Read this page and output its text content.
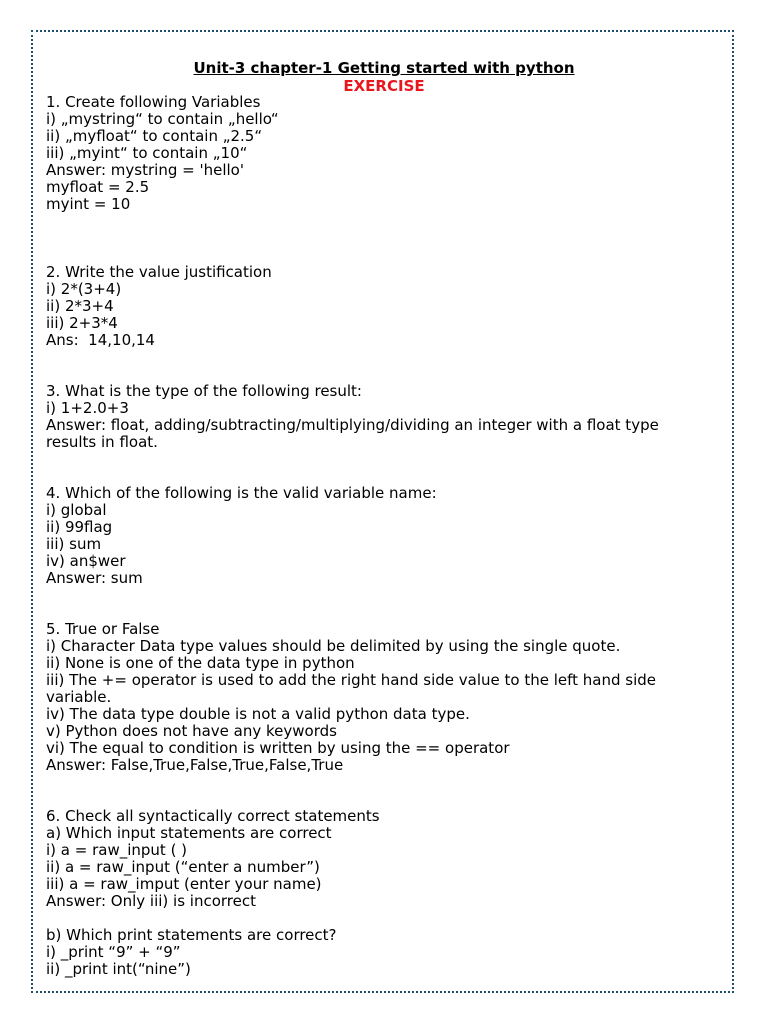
Unit-3 chapter-1 Getting started with python
EXERCISE
1. Create following Variables
i) „mystring“ to contain „hello“
ii) „myfloat“ to contain „2.5“
iii) „myint“ to contain „10“
Answer: mystring = 'hello'
myfloat = 2.5
myint = 10
2. Write the value justification
i) 2*(3+4)
ii) 2*3+4
iii) 2+3*4
Ans:  14,10,14
3. What is the type of the following result:
i) 1+2.0+3
Answer: float, adding/subtracting/multiplying/dividing an integer with a float type
results in float.
4. Which of the following is the valid variable name:
i) global
ii) 99flag
iii) sum
iv) an$wer
Answer: sum
5. True or False
i) Character Data type values should be delimited by using the single quote.
ii) None is one of the data type in python
iii) The += operator is used to add the right hand side value to the left hand side
variable.
iv) The data type double is not a valid python data type.
v) Python does not have any keywords
vi) The equal to condition is written by using the == operator
Answer: False,True,False,True,False,True
6. Check all syntactically correct statements
a) Which input statements are correct
i) a = raw_input ( )
ii) a = raw_input (“enter a number”)
iii) a = raw_imput (enter your name)
Answer: Only iii) is incorrect
b) Which print statements are correct?
i) _print “9” + “9”
ii) _print int(“nine”)
